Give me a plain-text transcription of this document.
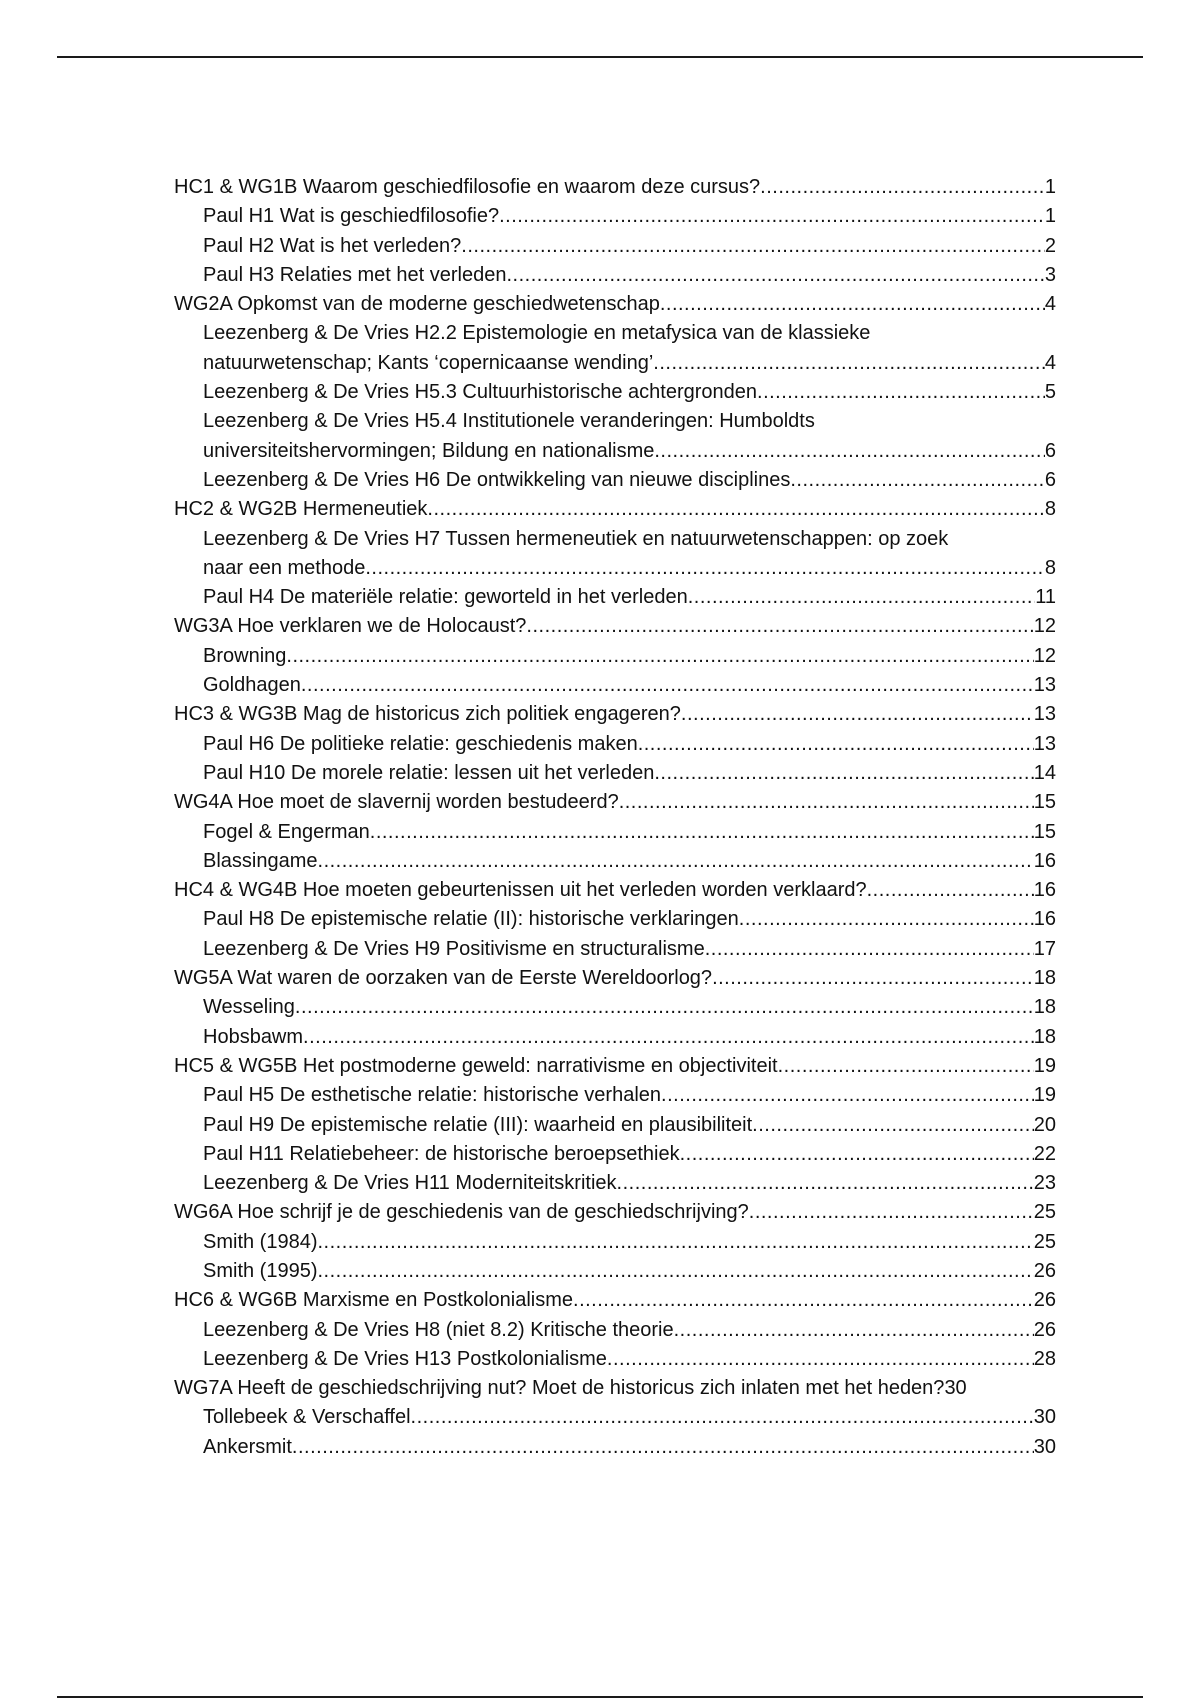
HC1 & WG1B Waarom geschiedfilosofie en waarom deze cursus? .....	1
Paul H1 Wat is geschiedfilosofie? .....	1
Paul H2 Wat is het verleden? .....	2
Paul H3 Relaties met het verleden .....	3
WG2A Opkomst van de moderne geschiedwetenschap .....	4
Leezenberg & De Vries H2.2 Epistemologie en metafysica van de klassieke
natuurwetenschap; Kants ‘copernicaanse wending’ .....	4
Leezenberg & De Vries H5.3 Cultuurhistorische achtergronden .....	5
Leezenberg & De Vries H5.4 Institutionele veranderingen: Humboldts
universiteitshervormingen; Bildung en nationalisme .....	6
Leezenberg & De Vries H6 De ontwikkeling van nieuwe disciplines .....	6
HC2 & WG2B Hermeneutiek .....	8
Leezenberg & De Vries H7 Tussen hermeneutiek en natuurwetenschappen: op zoek
naar een methode .....	8
Paul H4 De materiële relatie: geworteld in het verleden .....	11
WG3A Hoe verklaren we de Holocaust? .....	12
Browning .....	12
Goldhagen .....	13
HC3 & WG3B Mag de historicus zich politiek engageren? .....	13
Paul H6 De politieke relatie: geschiedenis maken .....	13
Paul H10 De morele relatie: lessen uit het verleden .....	14
WG4A Hoe moet de slavernij worden bestudeerd? .....	15
Fogel & Engerman .....	15
Blassingame .....	16
HC4 & WG4B Hoe moeten gebeurtenissen uit het verleden worden verklaard? .....	16
Paul H8 De epistemische relatie (II): historische verklaringen .....	16
Leezenberg & De Vries H9 Positivisme en structuralisme .....	17
WG5A Wat waren de oorzaken van de Eerste Wereldoorlog? .....	18
Wesseling .....	18
Hobsbawm .....	18
HC5 & WG5B Het postmoderne geweld: narrativisme en objectiviteit .....	19
Paul H5 De esthetische relatie: historische verhalen .....	19
Paul H9 De epistemische relatie (III): waarheid en plausibiliteit .....	20
Paul H11 Relatiebeheer: de historische beroepsethiek .....	22
Leezenberg & De Vries H11 Moderniteitskritiek .....	23
WG6A Hoe schrijf je de geschiedenis van de geschiedschrijving? .....	25
Smith (1984) .....	25
Smith (1995) .....	26
HC6 & WG6B Marxisme en Postkolonialisme .....	26
Leezenberg & De Vries H8 (niet 8.2) Kritische theorie .....	26
Leezenberg & De Vries H13 Postkolonialisme .....	28
WG7A Heeft de geschiedschrijving nut? Moet de historicus zich inlaten met het heden? 30
Tollebeek & Verschaffel .....	30
Ankersmit .....	30
